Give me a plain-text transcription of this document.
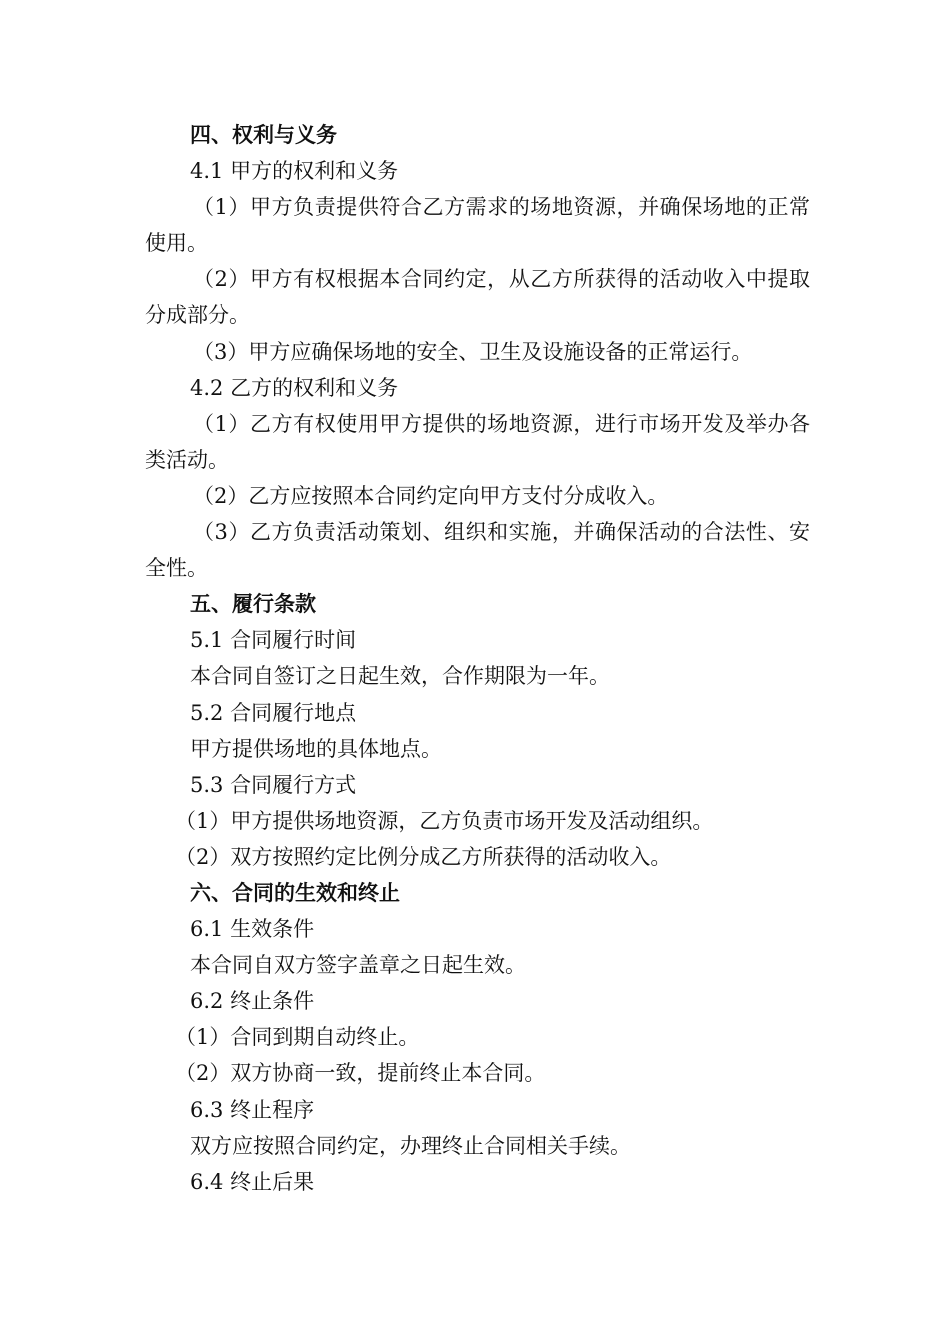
四、权利与义务

4.1 甲方的权利和义务

（1）甲方负责提供符合乙方需求的场地资源，并确保场地的正常使用。

（2）甲方有权根据本合同约定，从乙方所获得的活动收入中提取分成部分。

（3）甲方应确保场地的安全、卫生及设施设备的正常运行。

4.2 乙方的权利和义务

（1）乙方有权使用甲方提供的场地资源，进行市场开发及举办各类活动。

（2）乙方应按照本合同约定向甲方支付分成收入。

（3）乙方负责活动策划、组织和实施，并确保活动的合法性、安全性。

五、履行条款

5.1 合同履行时间

本合同自签订之日起生效，合作期限为一年。

5.2 合同履行地点

甲方提供场地的具体地点。

5.3 合同履行方式

（1）甲方提供场地资源，乙方负责市场开发及活动组织。

（2）双方按照约定比例分成乙方所获得的活动收入。

六、合同的生效和终止

6.1 生效条件

本合同自双方签字盖章之日起生效。

6.2 终止条件

（1）合同到期自动终止。

（2）双方协商一致，提前终止本合同。

6.3 终止程序

双方应按照合同约定，办理终止合同相关手续。

6.4 终止后果
